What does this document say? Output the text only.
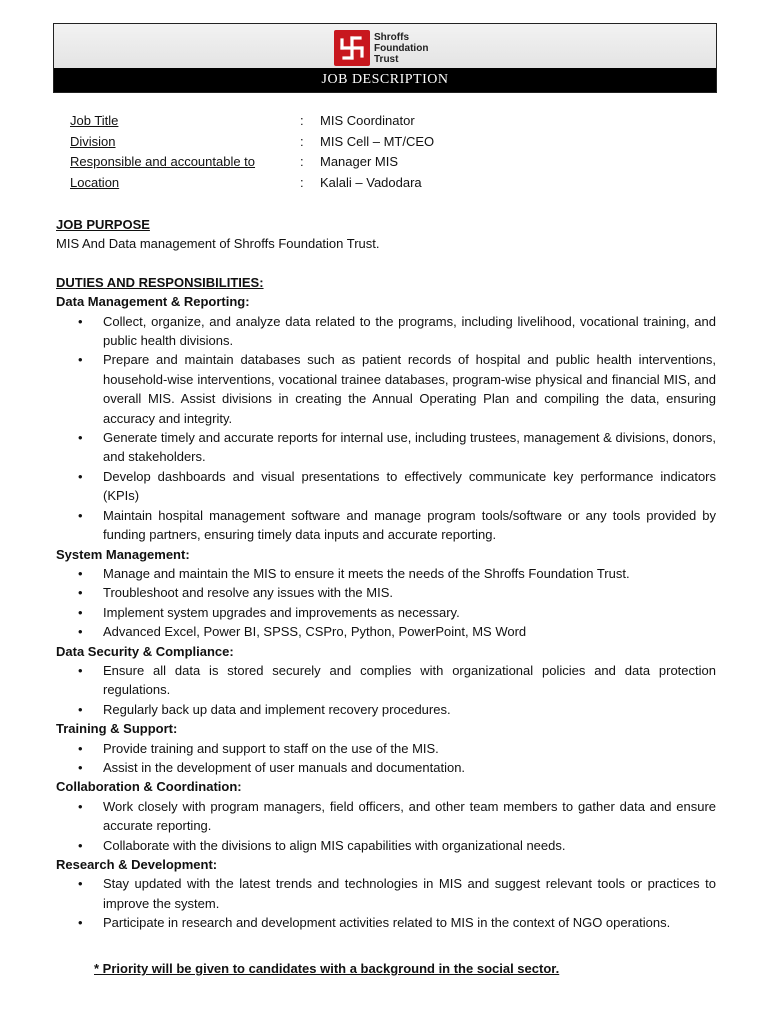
Shroffs
Foundation
Trust
JOB DESCRIPTION
Job Title	:	MIS Coordinator
Division	:	MIS Cell – MT/CEO
Responsible and accountable to	:	Manager MIS
Location	:	Kalali – Vadodara
JOB PURPOSE
MIS And Data management of Shroffs Foundation Trust.
DUTIES AND RESPONSIBILITIES:
Data Management & Reporting:
• Collect, organize, and analyze data related to the programs, including livelihood, vocational training, and public health divisions.
• Prepare and maintain databases such as patient records of hospital and public health interventions, household-wise interventions, vocational trainee databases, program-wise physical and financial MIS, and overall MIS. Assist divisions in creating the Annual Operating Plan and compiling the data, ensuring accuracy and integrity.
• Generate timely and accurate reports for internal use, including trustees, management & divisions, donors, and stakeholders.
• Develop dashboards and visual presentations to effectively communicate key performance indicators (KPIs)
• Maintain hospital management software and manage program tools/software or any tools provided by funding partners, ensuring timely data inputs and accurate reporting.
System Management:
• Manage and maintain the MIS to ensure it meets the needs of the Shroffs Foundation Trust.
• Troubleshoot and resolve any issues with the MIS.
• Implement system upgrades and improvements as necessary.
• Advanced Excel, Power BI, SPSS, CSPro, Python, PowerPoint, MS Word
Data Security & Compliance:
• Ensure all data is stored securely and complies with organizational policies and data protection regulations.
• Regularly back up data and implement recovery procedures.
Training & Support:
• Provide training and support to staff on the use of the MIS.
• Assist in the development of user manuals and documentation.
Collaboration & Coordination:
• Work closely with program managers, field officers, and other team members to gather data and ensure accurate reporting.
• Collaborate with the divisions to align MIS capabilities with organizational needs.
Research & Development:
• Stay updated with the latest trends and technologies in MIS and suggest relevant tools or practices to improve the system.
• Participate in research and development activities related to MIS in the context of NGO operations.
* Priority will be given to candidates with a background in the social sector.
